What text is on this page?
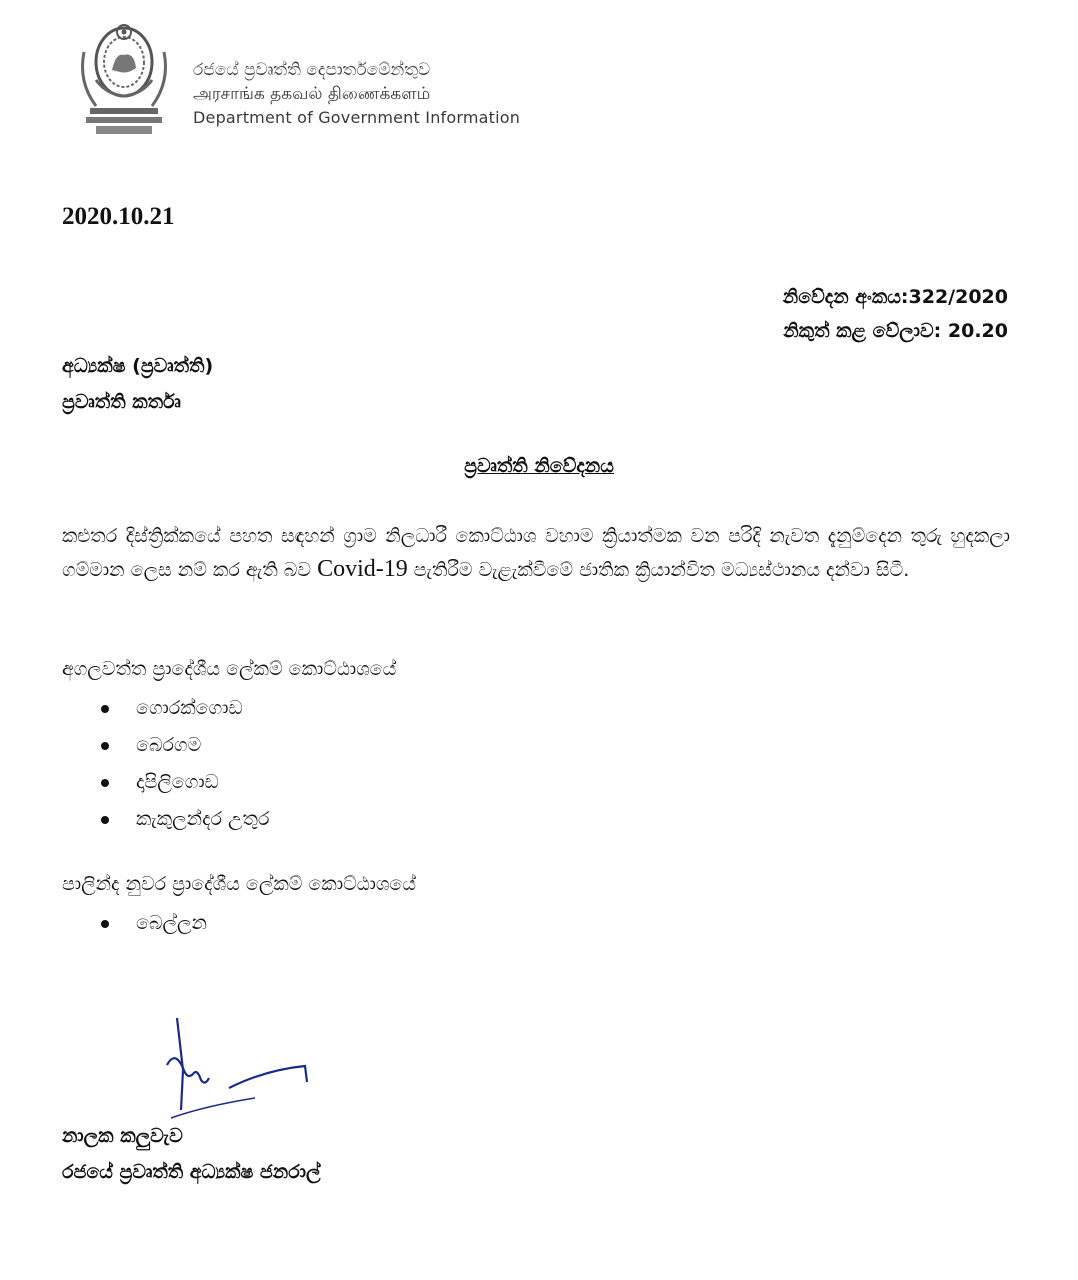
රජයේ ප්‍රවෘත්ති දෙපාර්තමේන්තුව
அரசாங்க தகவல் திணைக்களம்
Department of Government Information
2020.10.21
නිවේදන අංකය:322/2020
නිකුත් කළ වේලාව: 20.20
අධ්‍යක්ෂ (ප්‍රවෘත්ති)
ප්‍රවෘත්ති කර්තෘ
ප්‍රවෘත්ති නිවේදනය
කළුතර දිස්ත්‍රික්කයේ පහත සඳහන් ග්‍රාම නිලධාරී කොට්ඨාශ වහාම ක්‍රියාත්මක වන පරිදි නැවත දැනුම්දෙන තුරු හුදකලා ගම්මාන ලෙස නම් කර ඇති බව Covid-19 පැතිරීම වැළැක්වීමේ ජාතික ක්‍රියාන්විත මධ්‍යස්ථානය දන්වා සිටී.
අගලවත්ත ප්‍රාදේශීය ලේකම් කොට්ඨාශයේ
ගොරක්ගොඩ
බෙරගම
දාපිලිගොඩ
කැකුලන්දර උතුර
පාලින්ද නුවර ප්‍රාදේශීය ලේකම් කොට්ඨාශයේ
බෙල්ලන
නාලක කලුවැව
රජයේ ප්‍රවෘත්ති අධ්‍යක්ෂ ජනරාල්
